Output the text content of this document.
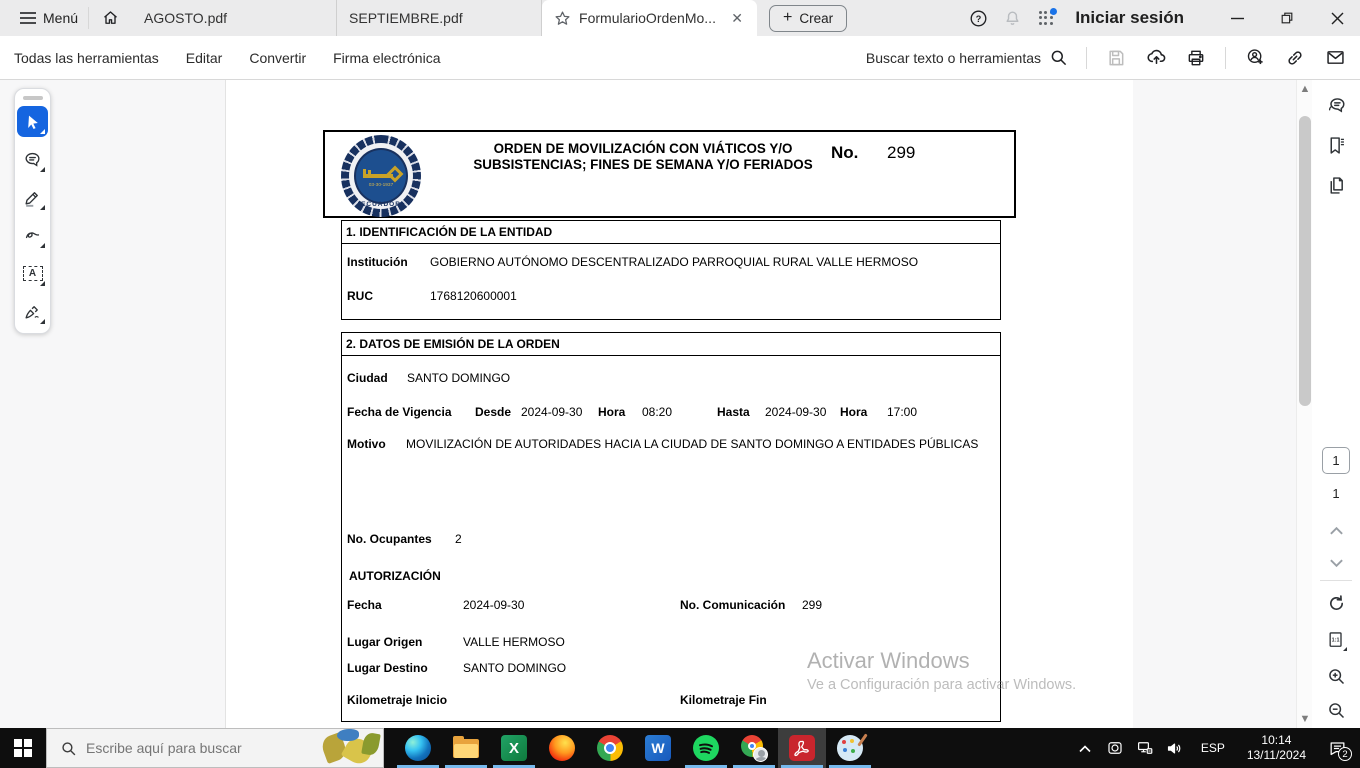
Menú	AGOSTO.pdf	SEPTIEMBRE.pdf	FormularioOrdenMo...	✕	+ Crear	?	Iniciar sesión
Todas las herramientas Editar Convertir Firma electrónica	Buscar texto o herramientas
03-30-1937
ECUADOR
ORDEN DE MOVILIZACIÓN CON VIÁTICOS Y/O SUBSISTENCIAS; FINES DE SEMANA Y/O FERIADOS
No. 299
1. IDENTIFICACIÓN DE LA ENTIDAD
Institución GOBIERNO AUTÓNOMO DESCENTRALIZADO PARROQUIAL RURAL VALLE HERMOSO
RUC	1768120600001
2. DATOS DE EMISIÓN DE LA ORDEN
Ciudad SANTO DOMINGO
Fecha de Vigencia Desde 2024-09-30 Hora 08:20	Hasta 2024-09-30 Hora 17:00
Motivo MOVILIZACIÓN DE AUTORIDADES HACIA LA CIUDAD DE SANTO DOMINGO A ENTIDADES PÚBLICAS
No. Ocupantes 2
AUTORIZACIÓN
Fecha	2024-09-30	No. Comunicación 299
Lugar Origen	VALLE HERMOSO
Lugar Destino	SANTO DOMINGO
Kilometraje Inicio	Kilometraje Fin
A
Activar Windows
Ve a Configuración para activar Windows.
▲
▼
1
1
1:1
Escribe aquí para buscar
X	W	ESP
10:14
13/11/2024	2
